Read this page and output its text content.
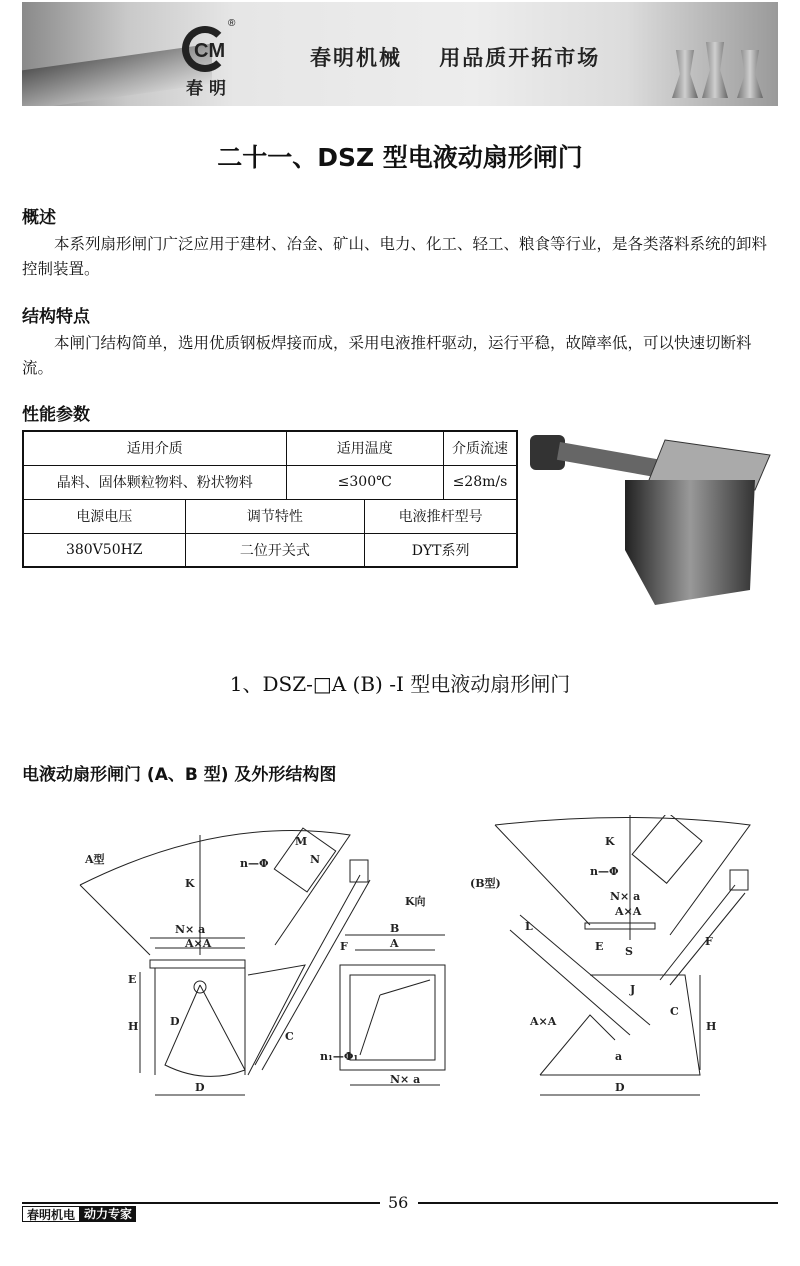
CM
®
春明
春明机械    用品质开拓市场
二十一、DSZ 型电液动扇形闸门
概述

本系列扇形闸门广泛应用于建材、冶金、矿山、电力、化工、轻工、粮食等行业，是各类落料系统的卸料控制装置。

结构特点

本闸门结构简单，选用优质钢板焊接而成，采用电液推杆驱动，运行平稳，故障率低，可以快速切断料流。

性能参数
适用介质		适用温度		介质流速
晶料、固体颗粒物料、粉状物料		≤300℃		≤28m/s
电源电压	调节特性		电液推杆型号	
380V50HZ	二位开关式		DYT系列	
1、DSZ-□A (B) -I 型电液动扇形闸门
电液动扇形闸门 (A、B 型) 及外形结构图
A型
K
n—Φ
N× a
A×A
E
H
D
D
C
F
M
N
K向
B
A
n₁—Φ₁
N× a
(B型)
K
n—Φ
N× a
A×A
L
S
E
J
A×A
C
F
H
a
D
56
春明机电 动力专家
